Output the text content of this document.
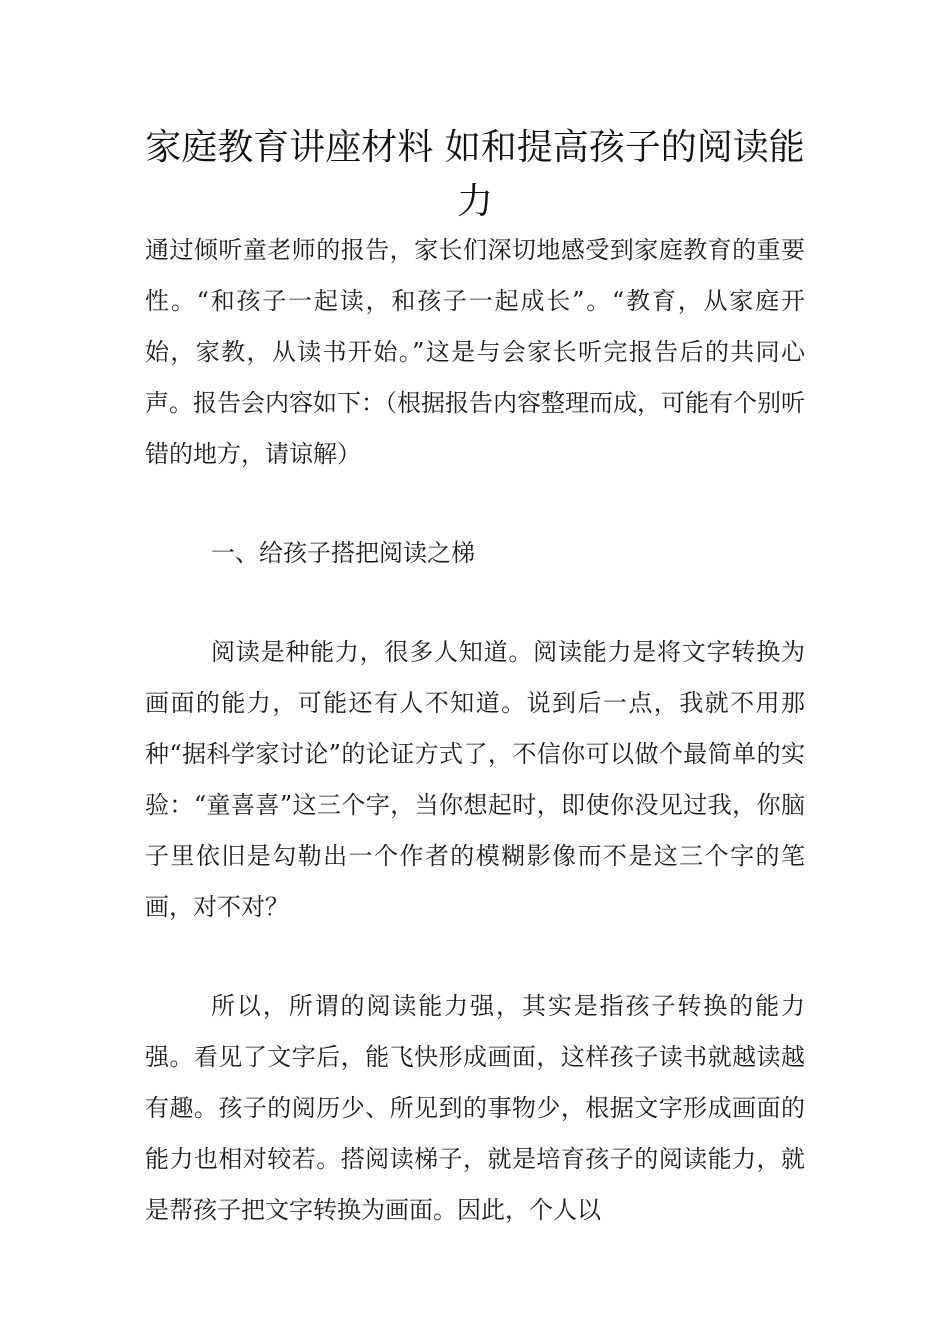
家庭教育讲座材料 如和提高孩子的阅读能力

通过倾听童老师的报告，家长们深切地感受到家庭教育的重要性。“和孩子一起读，和孩子一起成长”。“教育，从家庭开始，家教，从读书开始。”这是与会家长听完报告后的共同心声。报告会内容如下：（根据报告内容整理而成，可能有个别听错的地方，请谅解）

一、给孩子搭把阅读之梯

阅读是种能力，很多人知道。阅读能力是将文字转换为画面的能力，可能还有人不知道。说到后一点，我就不用那种“据科学家讨论”的论证方式了，不信你可以做个最简单的实验：“童喜喜”这三个字，当你想起时，即使你没见过我，你脑子里依旧是勾勒出一个作者的模糊影像而不是这三个字的笔画，对不对？

所以，所谓的阅读能力强，其实是指孩子转换的能力强。看见了文字后，能飞快形成画面，这样孩子读书就越读越有趣。孩子的阅历少、所见到的事物少，根据文字形成画面的能力也相对较若。搭阅读梯子，就是培育孩子的阅读能力，就是帮孩子把文字转换为画面。因此，个人以
